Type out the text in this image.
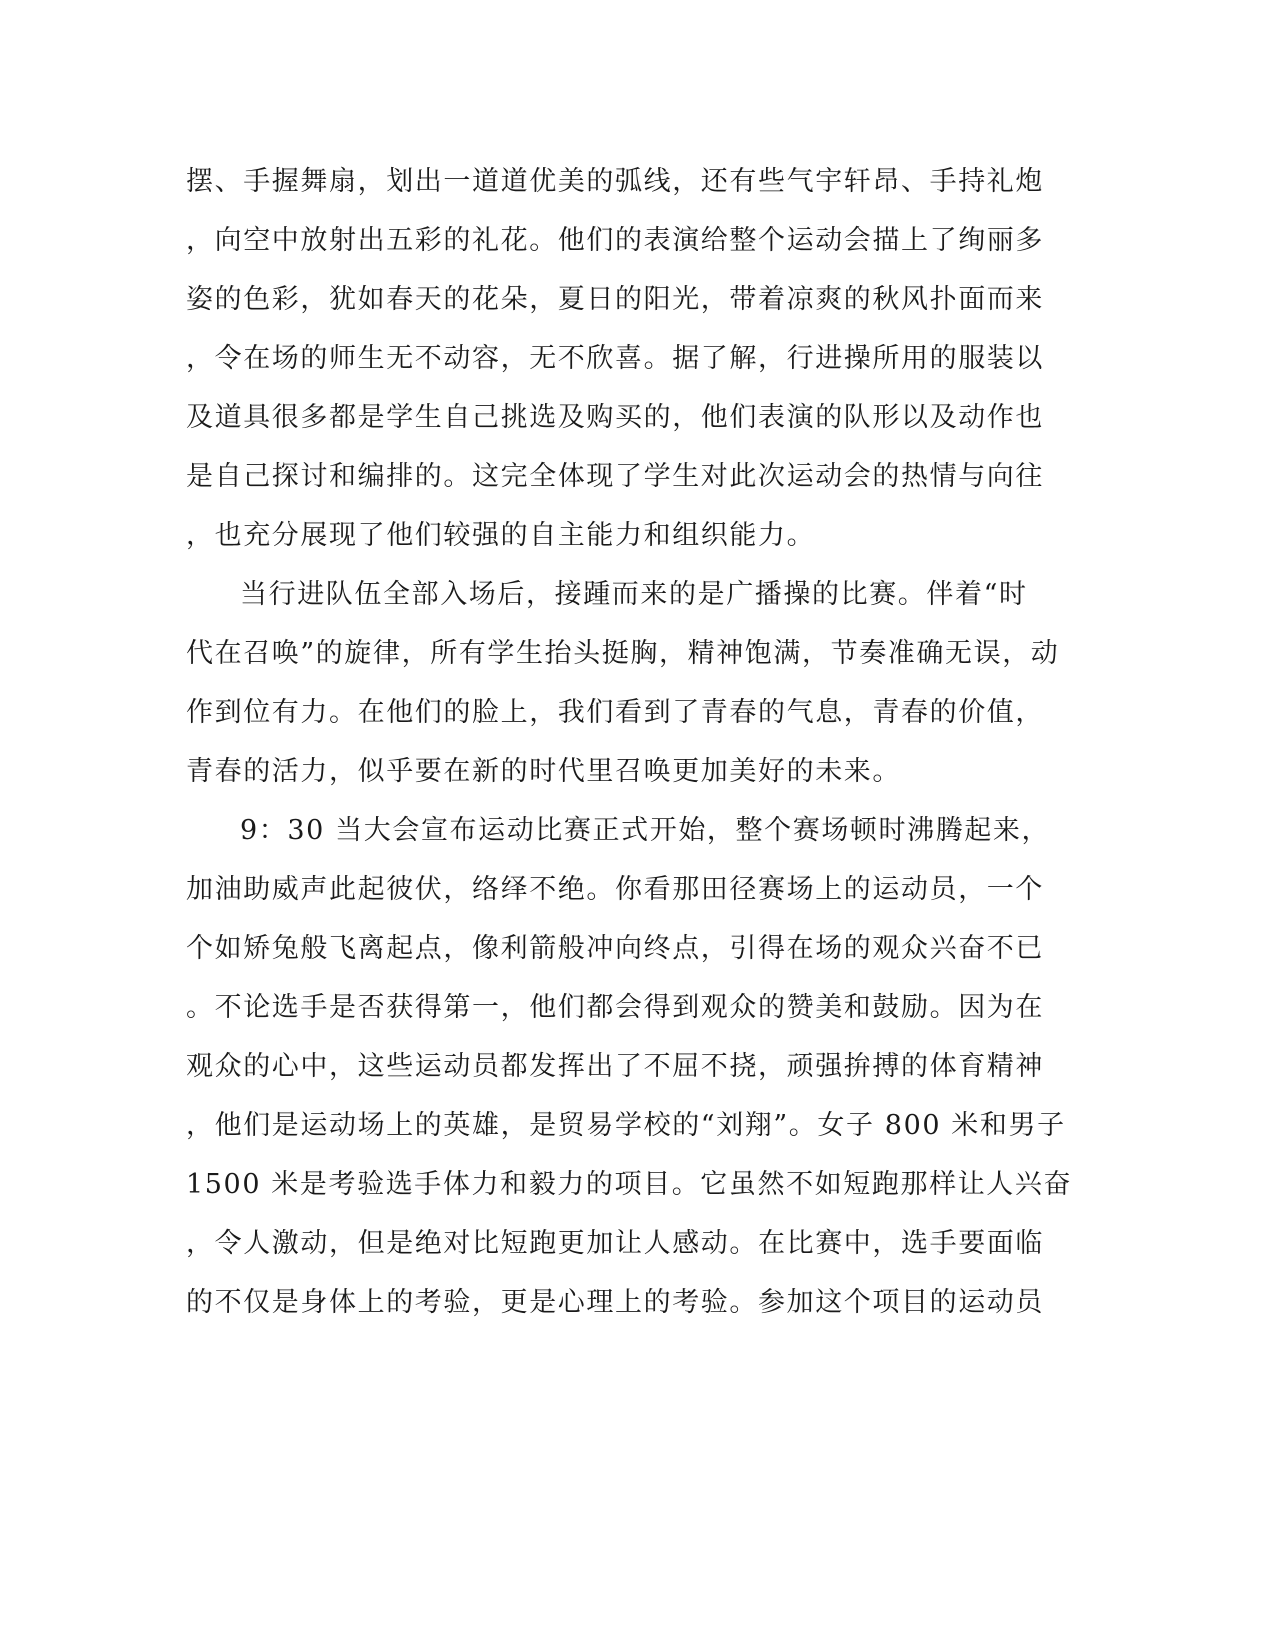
摆、手握舞扇，划出一道道优美的弧线，还有些气宇轩昂、手持礼炮

，向空中放射出五彩的礼花。他们的表演给整个运动会描上了绚丽多

姿的色彩，犹如春天的花朵，夏日的阳光，带着凉爽的秋风扑面而来

，令在场的师生无不动容，无不欣喜。据了解，行进操所用的服装以

及道具很多都是学生自己挑选及购买的，他们表演的队形以及动作也

是自己探讨和编排的。这完全体现了学生对此次运动会的热情与向往

，也充分展现了他们较强的自主能力和组织能力。

当行进队伍全部入场后，接踵而来的是广播操的比赛。伴着“时

代在召唤”的旋律，所有学生抬头挺胸，精神饱满，节奏准确无误，动

作到位有力。在他们的脸上，我们看到了青春的气息，青春的价值，

青春的活力，似乎要在新的时代里召唤更加美好的未来。

9：30 当大会宣布运动比赛正式开始，整个赛场顿时沸腾起来，

加油助威声此起彼伏，络绎不绝。你看那田径赛场上的运动员，一个

个如矫兔般飞离起点，像利箭般冲向终点，引得在场的观众兴奋不已

。不论选手是否获得第一，他们都会得到观众的赞美和鼓励。因为在

观众的心中，这些运动员都发挥出了不屈不挠，顽强拚搏的体育精神

，他们是运动场上的英雄，是贸易学校的“刘翔”。女子 800 米和男子

1500 米是考验选手体力和毅力的项目。它虽然不如短跑那样让人兴奋

，令人激动，但是绝对比短跑更加让人感动。在比赛中，选手要面临

的不仅是身体上的考验，更是心理上的考验。参加这个项目的运动员
